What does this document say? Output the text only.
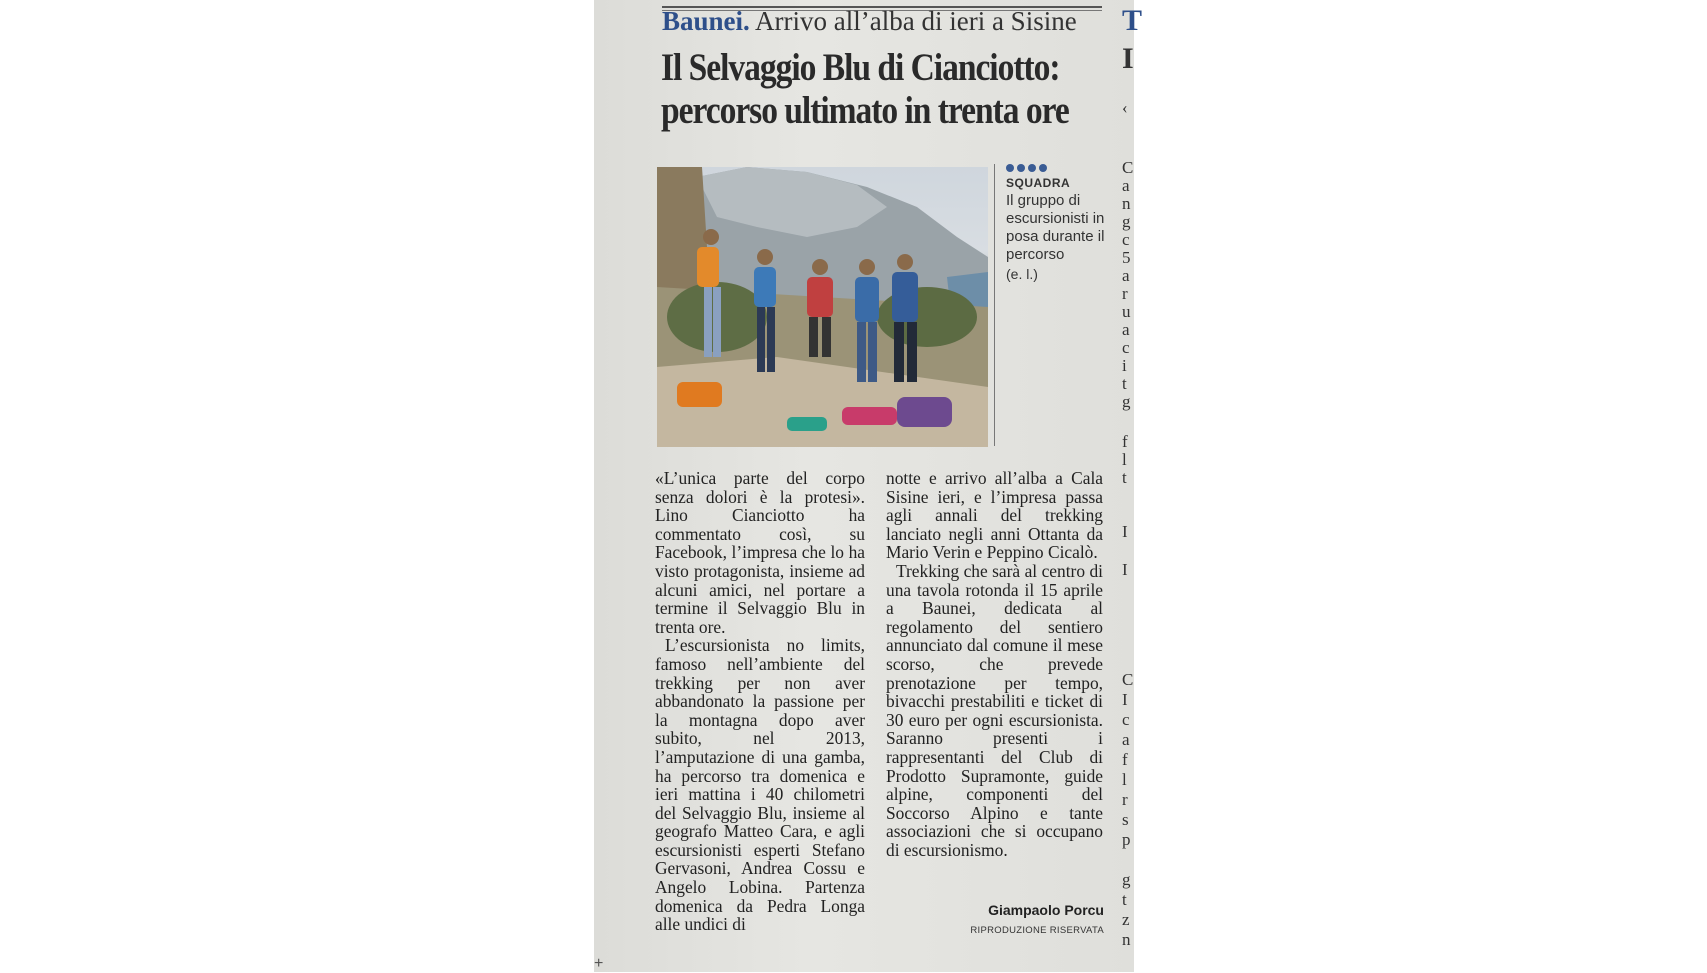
Baunei. Arrivo all’alba di ieri a Sisine
Il Selvaggio Blu di Cianciotto:
percorso ultimato in trenta ore
SQUADRA
Il gruppo di escursionisti in posa durante il percorso
(e. l.)

«L’unica parte del corpo senza dolori è la protesi». Lino Cianciotto ha commentato così, su Facebook, l’impresa che lo ha visto protagonista, insieme ad alcuni amici, nel portare a termine il Selvaggio Blu in trenta ore.

L’escursionista no limits, famoso nell’ambiente del trekking per non aver abbandonato la passione per la montagna dopo aver subito, nel 2013, l’amputazione di una gamba, ha percorso tra domenica e ieri mattina i 40 chilometri del Selvaggio Blu, insieme al geografo Matteo Cara, e agli escursionisti esperti Stefano Gervasoni, Andrea Cossu e Angelo Lobina. Partenza domenica da Pedra Longa alle undici di

notte e arrivo all’alba a Cala Sisine ieri, e l’impresa passa agli annali del trekking lanciato negli anni Ottanta da Mario Verin e Peppino Cicalò.

Trekking che sarà al centro di una tavola rotonda il 15 aprile a Baunei, dedicata al regolamento del sentiero annunciato dal comune il mese scorso, che prevede prenotazione per tempo, bivacchi prestabiliti e ticket di 30 euro per ogni escursionista. Saranno presenti i rappresentanti del Club di Prodotto Supramonte, guide alpine, componenti del Soccorso Alpino e tante associazioni che si occupano di escursionismo.

Giampaolo Porcu
RIPRODUZIONE RISERVATA
T
I
‹
C
a
n
g
c
5
a
r
u
a
c
i
t
g
f
l
t
I
I
C
I
c
a
f
l
r
s
p
g
t
z
n
+
